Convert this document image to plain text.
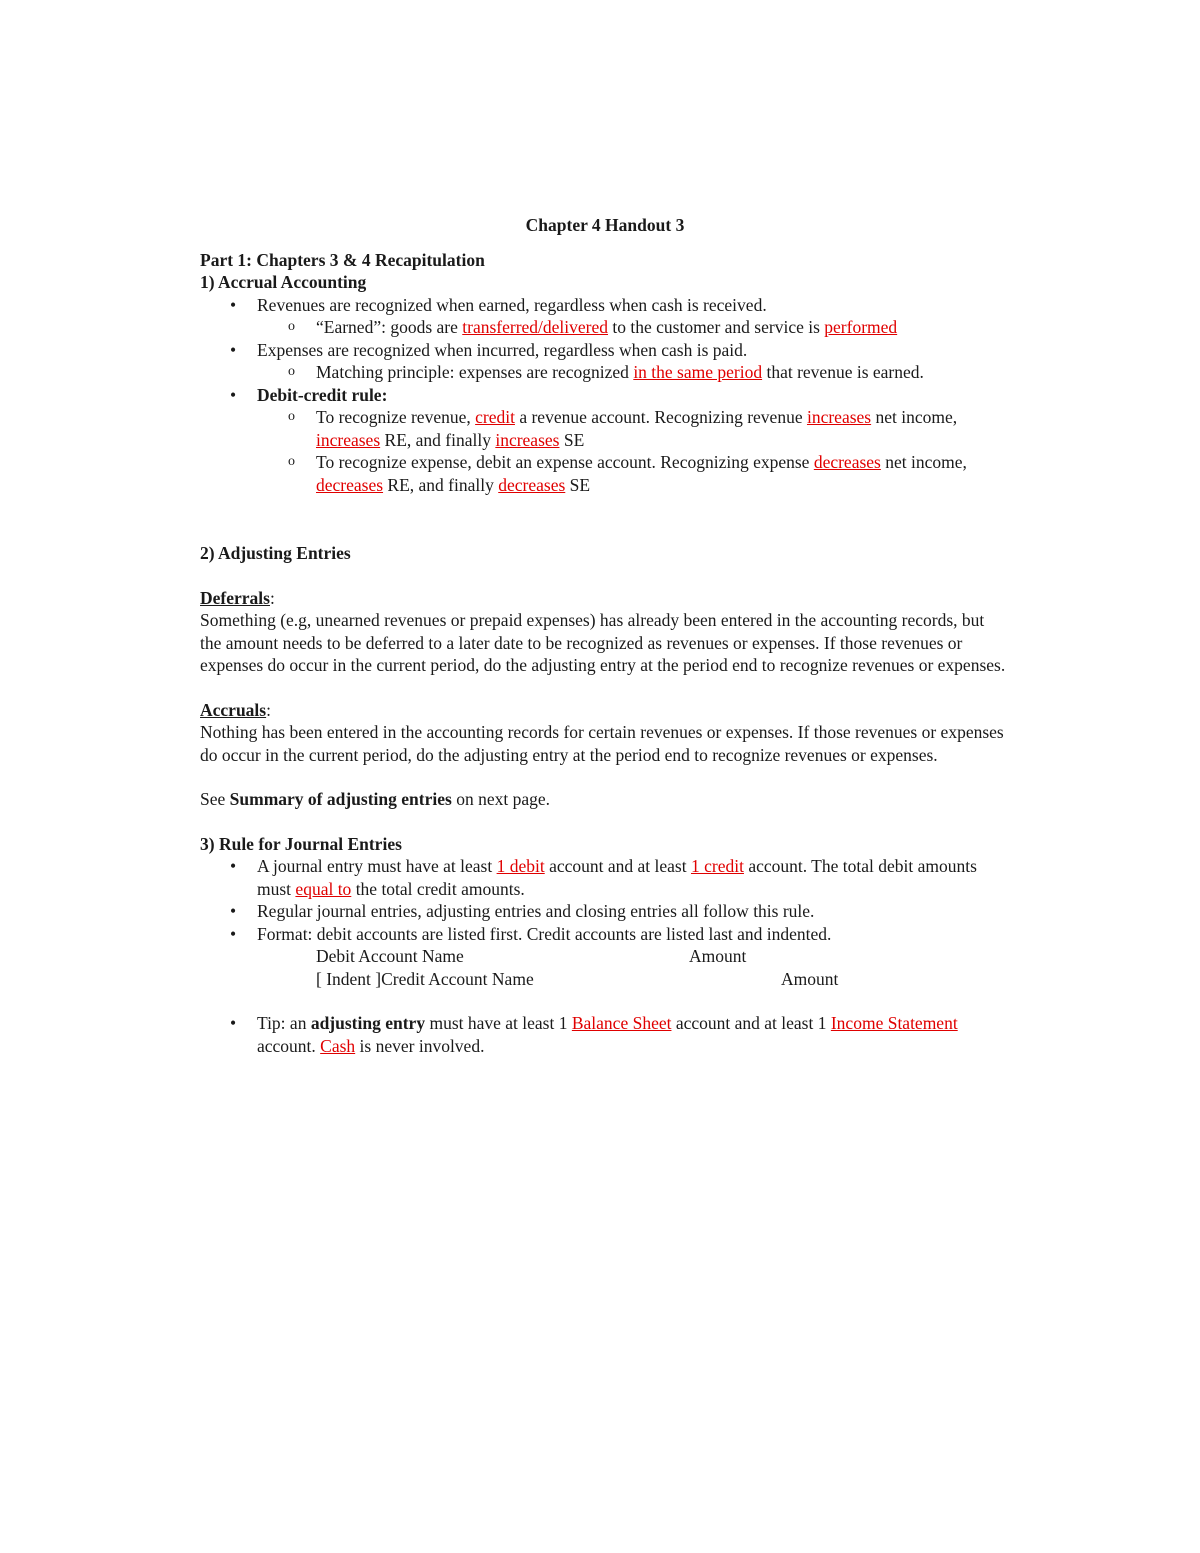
Chapter 4 Handout 3

Part 1: Chapters 3 & 4 Recapitulation

1) Accrual Accounting

• Revenues are recognized when earned, regardless when cash is received.
o “Earned”: goods are transferred/delivered to the customer and service is performed
• Expenses are recognized when incurred, regardless when cash is paid.
o Matching principle: expenses are recognized in the same period that revenue is earned.
• Debit-credit rule:
o To recognize revenue, credit a revenue account. Recognizing revenue increases net income, increases RE, and finally increases SE
o To recognize expense, debit an expense account. Recognizing expense decreases net income, decreases RE, and finally decreases SE

2) Adjusting Entries

Deferrals:

Something (e.g, unearned revenues or prepaid expenses) has already been entered in the accounting records, but the amount needs to be deferred to a later date to be recognized as revenues or expenses. If those revenues or expenses do occur in the current period, do the adjusting entry at the period end to recognize revenues or expenses.

Accruals:

Nothing has been entered in the accounting records for certain revenues or expenses. If those revenues or expenses do occur in the current period, do the adjusting entry at the period end to recognize revenues or expenses.

See Summary of adjusting entries on next page.

3) Rule for Journal Entries

• A journal entry must have at least 1 debit account and at least 1 credit account. The total debit amounts must equal to the total credit amounts.
• Regular journal entries, adjusting entries and closing entries all follow this rule.
• Format: debit accounts are listed first. Credit accounts are listed last and indented.
Debit Account Name	Amount
[ Indent ]Credit Account Name	Amount
• Tip: an adjusting entry must have at least 1 Balance Sheet account and at least 1 Income Statement account. Cash is never involved.
